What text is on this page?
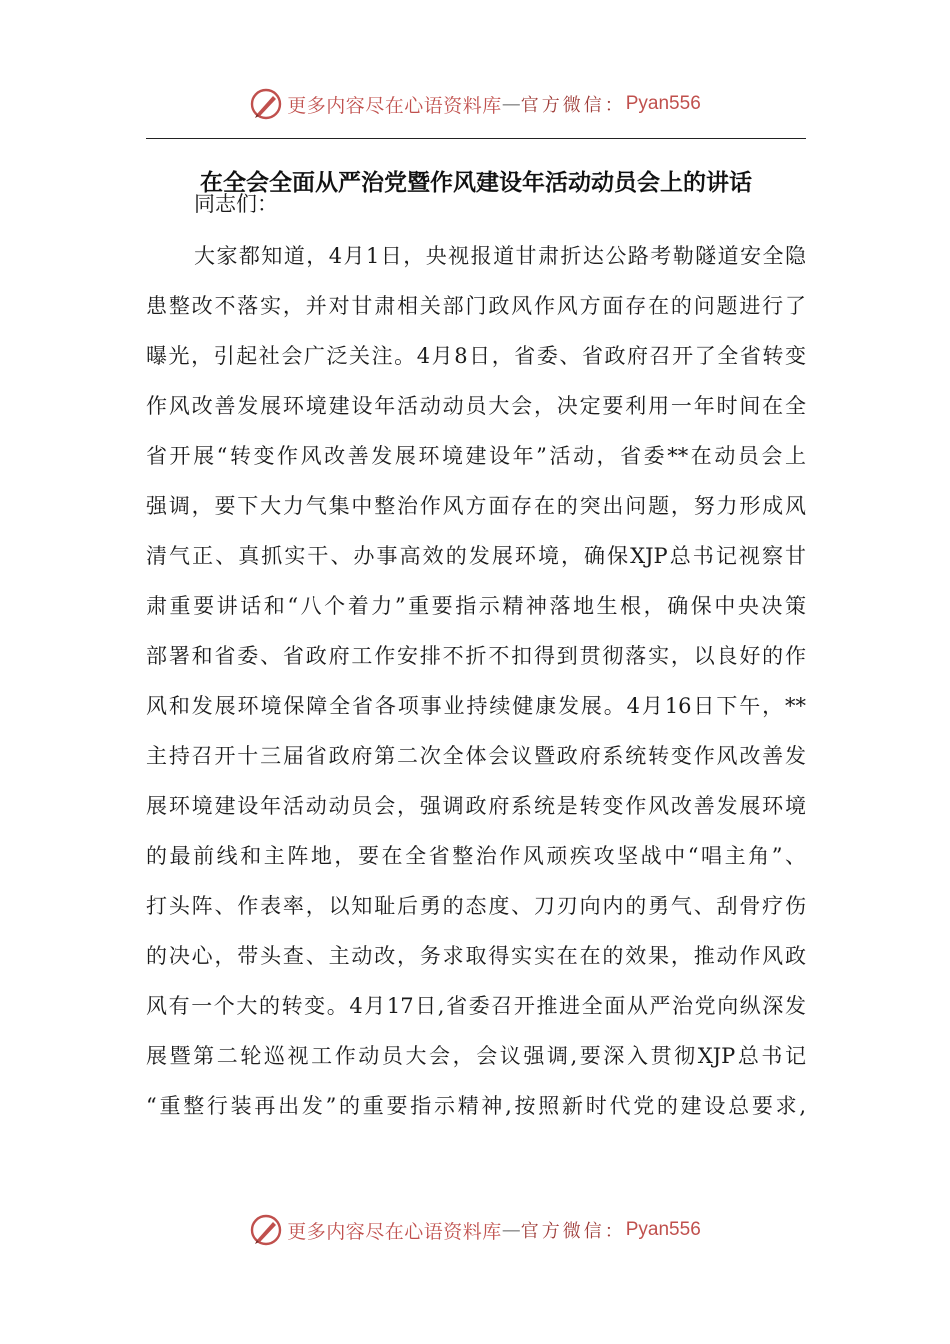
更多内容尽在心语资料库 — 官方微信： Pyan556
在全会全面从严治党暨作风建设年活动动员会上的讲话
同志们：
大家都知道，4月1日，央视报道甘肃折达公路考勒隧道安全隐
患整改不落实，并对甘肃相关部门政风作风方面存在的问题进行了
曝光，引起社会广泛关注。4月8日，省委、省政府召开了全省转变
作风改善发展环境建设年活动动员大会，决定要利用一年时间在全
省开展“转变作风改善发展环境建设年”活动，省委**在动员会上
强调，要下大力气集中整治作风方面存在的突出问题，努力形成风
清气正、真抓实干、办事高效的发展环境，确保XJP总书记视察甘
肃重要讲话和“八个着力”重要指示精神落地生根，确保中央决策
部署和省委、省政府工作安排不折不扣得到贯彻落实，以良好的作
风和发展环境保障全省各项事业持续健康发展。4月16日下午，**
主持召开十三届省政府第二次全体会议暨政府系统转变作风改善发
展环境建设年活动动员会，强调政府系统是转变作风改善发展环境
的最前线和主阵地，要在全省整治作风顽疾攻坚战中“唱主角”、
打头阵、作表率，以知耻后勇的态度、刀刃向内的勇气、刮骨疗伤
的决心，带头查、主动改，务求取得实实在在的效果，推动作风政
风有一个大的转变。4月17日,省委召开推进全面从严治党向纵深发
展暨第二轮巡视工作动员大会，会议强调,要深入贯彻XJP总书记
“重整行装再出发”的重要指示精神,按照新时代党的建设总要求,
更多内容尽在心语资料库 — 官方微信： Pyan556
